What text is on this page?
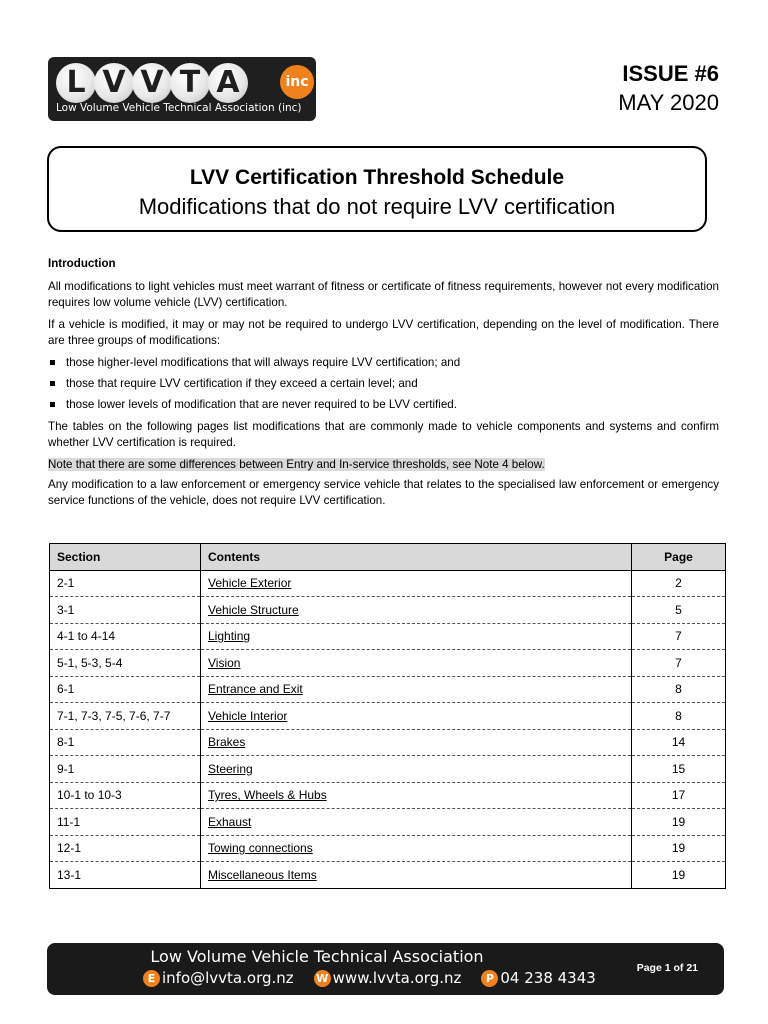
L V V T A	inc
Low Volume Vehicle Technical Association (inc)
ISSUE #6
MAY 2020
LVV Certification Threshold Schedule
Modifications that do not require LVV certification

Introduction

All modifications to light vehicles must meet warrant of fitness or certificate of fitness requirements, however not every modification requires low volume vehicle (LVV) certification.

If a vehicle is modified, it may or may not be required to undergo LVV certification, depending on the level of modification. There are three groups of modifications:

those higher-level modifications that will always require LVV certification; and
those that require LVV certification if they exceed a certain level; and
those lower levels of modification that are never required to be LVV certified.

The tables on the following pages list modifications that are commonly made to vehicle components and systems and confirm whether LVV certification is required.

Note that there are some differences between Entry and In-service thresholds, see Note 4 below.

Any modification to a law enforcement or emergency service vehicle that relates to the specialised law enforcement or emergency service functions of the vehicle, does not require LVV certification.

Section	Contents	Page
2-1	Vehicle Exterior	2
3-1	Vehicle Structure	5
4-1 to 4-14	Lighting	7
5-1, 5-3, 5-4	Vision	7
6-1	Entrance and Exit	8
7-1, 7-3, 7-5, 7-6, 7-7	Vehicle Interior	8
8-1	Brakes	14
9-1	Steering	15
10-1 to 10-3	Tyres, Wheels & Hubs	17
11-1	Exhaust	19
12-1	Towing connections	19
13-1	Miscellaneous Items	19
Low Volume Vehicle Technical Association
E info@lvvta.org.nz W www.lvvta.org.nz	P 04 238 4343
Page 1 of 21
